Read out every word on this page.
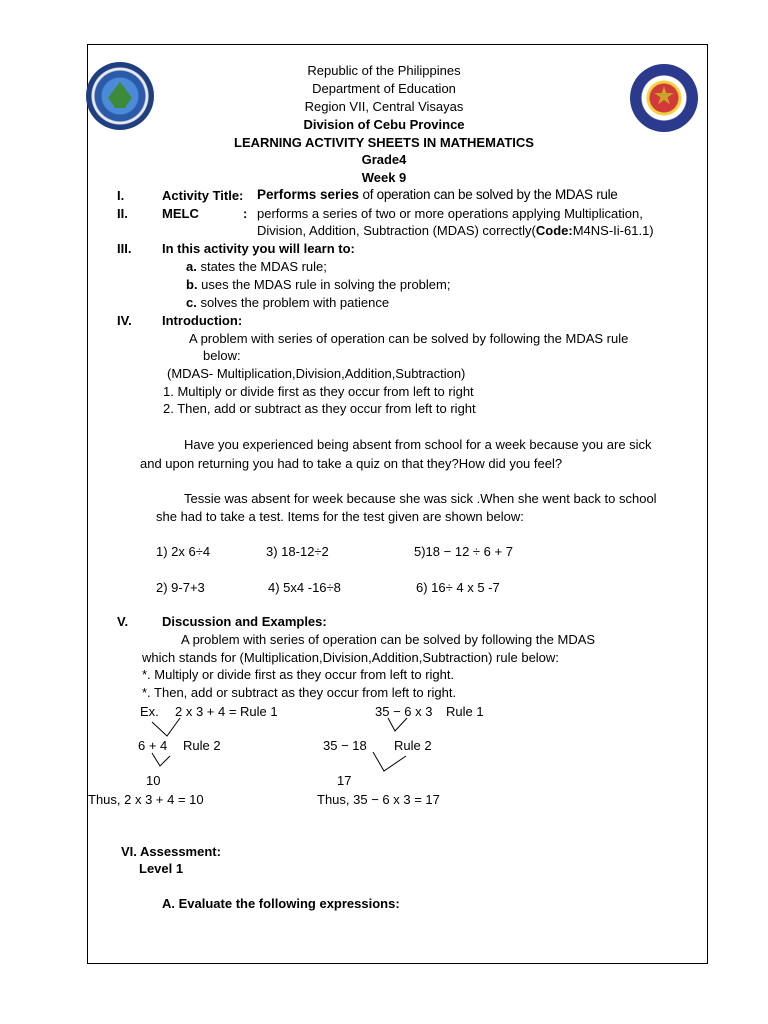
Republic of the Philippines
Department of Education
Region VII, Central Visayas
Division of Cebu Province
LEARNING ACTIVITY SHEETS IN MATHEMATICS
Grade4
Week 9
I.	Activity Title: Performs series of operation can be solved by the MDAS rule
II.	MELC	: performs a series of two or more operations applying Multiplication,
Division, Addition, Subtraction (MDAS) correctly(Code:M4NS-Ii-61.1)
III. In this activity you will learn to:
a. states the MDAS rule;
b. uses the MDAS rule in solving the problem;
c. solves the problem with patience
IV. Introduction:
A problem with series of operation can be solved by following the MDAS rule
below:
(MDAS- Multiplication,Division,Addition,Subtraction)
1. Multiply or divide first as they occur from left to right
2. Then, add or subtract as they occur from left to right
Have you experienced being absent from school for a week because you are sick
and upon returning you had to take a quiz on that they?How did you feel?
Tessie was absent for week because she was sick .When she went back to school
she had to take a test. Items for the test given are shown below:
1) 2x 6÷4	3) 18-12÷2	5)18 − 12 ÷ 6 + 7
2) 9-7+3	4) 5x4 -16÷8	6) 16÷ 4 x 5 -7
V.	Discussion and Examples:
A problem with series of operation can be solved by following the MDAS
which stands for (Multiplication,Division,Addition,Subtraction) rule below:
*. Multiply or divide first as they occur from left to right.
*. Then, add or subtract as they occur from left to right.
Ex. 2 x 3 + 4 = Rule 1	35 − 6 x 3 Rule 1
6 + 4 Rule 2	35 − 18 Rule 2
10	17
Thus, 2 x 3 + 4 = 10	Thus, 35 − 6 x 3 = 17
VI. Assessment:
Level 1
A. Evaluate the following expressions:
